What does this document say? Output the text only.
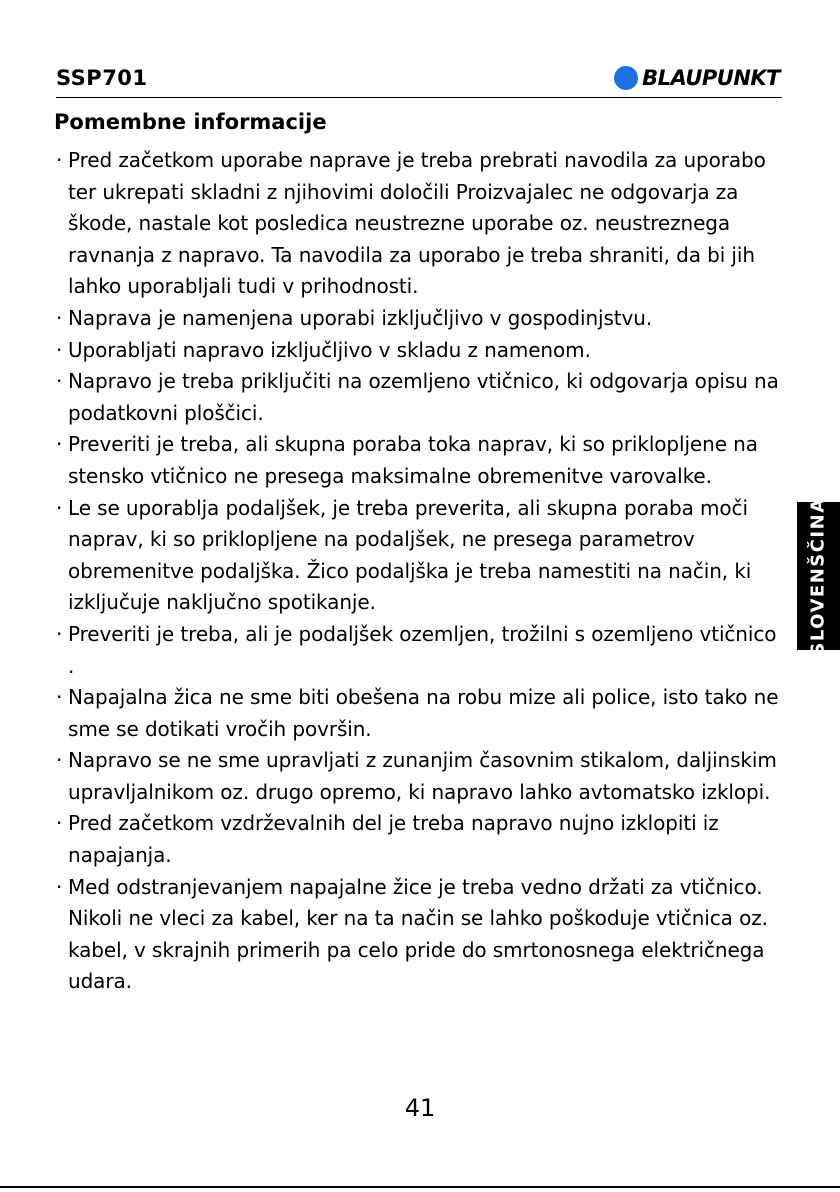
SSP701	BLAUPUNKT
Pomembne informacije
· Pred začetkom uporabe naprave je treba prebrati navodila za uporabo ter ukrepati skladni z njihovimi določili Proizvajalec ne odgovarja za škode, nastale kot posledica neustrezne uporabe oz. neustreznega ravnanja z napravo. Ta navodila za uporabo je treba shraniti, da bi jih lahko uporabljali tudi v prihodnosti.
· Naprava je namenjena uporabi izključljivo v gospodinjstvu.
· Uporabljati napravo izključljivo v skladu z namenom.
· Napravo je treba priključiti na ozemljeno vtičnico, ki odgovarja opisu na podatkovni ploščici.
· Preveriti je treba, ali skupna poraba toka naprav, ki so priklopljene na stensko vtičnico ne presega maksimalne obremenitve varovalke.
· Le se uporablja podaljšek, je treba preverita, ali skupna poraba moči naprav, ki so priklopljene na podaljšek, ne presega parametrov obremenitve podaljška. Žico podaljška je treba namestiti na način, ki izključuje naključno spotikanje.
· Preveriti je treba, ali je podaljšek ozemljen, trožilni s ozemljeno vtičnico .
· Napajalna žica ne sme biti obešena na robu mize ali police, isto tako ne sme se dotikati vročih površin.
· Napravo se ne sme upravljati z zunanjim časovnim stikalom, daljinskim upravljalnikom oz. drugo opremo, ki napravo lahko avtomatsko izklopi.
· Pred začetkom vzdrževalnih del je treba napravo nujno izklopiti iz napajanja.
· Med odstranjevanjem napajalne žice je treba vedno držati za vtičnico. Nikoli ne vleci za kabel, ker na ta način se lahko poškoduje vtičnica oz. kabel, v skrajnih primerih pa celo pride do smrtonosnega električnega udara.
SLOVENŠČINA
41
